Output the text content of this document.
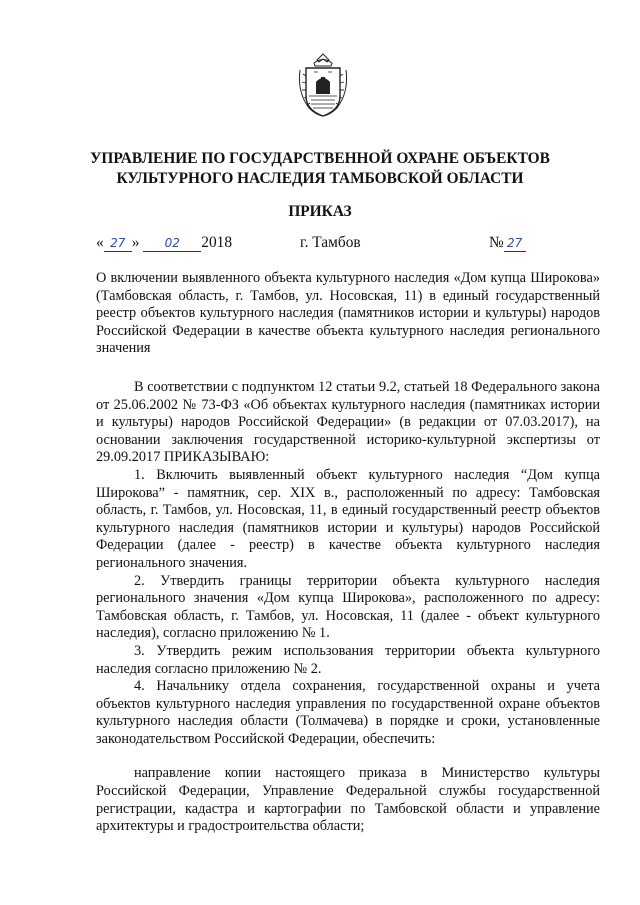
УПРАВЛЕНИЕ ПО ГОСУДАРСТВЕННОЙ ОХРАНЕ ОБЪЕКТОВ КУЛЬТУРНОГО НАСЛЕДИЯ ТАМБОВСКОЙ ОБЛАСТИ
ПРИКАЗ
« 27 » 02 2018	г. Тамбов	№ 27
О включении выявленного объекта культурного наследия «Дом купца Широкова» (Тамбовская область, г. Тамбов, ул. Носовская, 11) в единый государственный реестр объектов культурного наследия (памятников истории и культуры) народов Российской Федерации в качестве объекта культурного наследия регионального значения

В соответствии с подпунктом 12 статьи 9.2, статьей 18 Федерального закона от 25.06.2002 № 73-ФЗ «Об объектах культурного наследия (памятниках истории и культуры) народов Российской Федерации» (в редакции от 07.03.2017), на основании заключения государственной историко-культурной экспертизы от 29.09.2017 ПРИКАЗЫВАЮ:

1. Включить выявленный объект культурного наследия “Дом купца Широкова” - памятник, сер. XIX в., расположенный по адресу: Тамбовская область, г. Тамбов, ул. Носовская, 11, в единый государственный реестр объектов культурного наследия (памятников истории и культуры) народов Российской Федерации (далее - реестр) в качестве объекта культурного наследия регионального значения.

2. Утвердить границы территории объекта культурного наследия регионального значения «Дом купца Широкова», расположенного по адресу: Тамбовская область, г. Тамбов, ул. Носовская, 11 (далее - объект культурного наследия), согласно приложению № 1.

3. Утвердить режим использования территории объекта культурного наследия согласно приложению № 2.

4. Начальнику отдела сохранения, государственной охраны и учета объектов культурного наследия управления по государственной охране объектов культурного наследия области (Толмачева) в порядке и сроки, установленные законодательством Российской Федерации, обеспечить:

направление копии настоящего приказа в Министерство культуры Российской Федерации, Управление Федеральной службы государственной регистрации, кадастра и картографии по Тамбовской области и управление архитектуры и градостроительства области;
